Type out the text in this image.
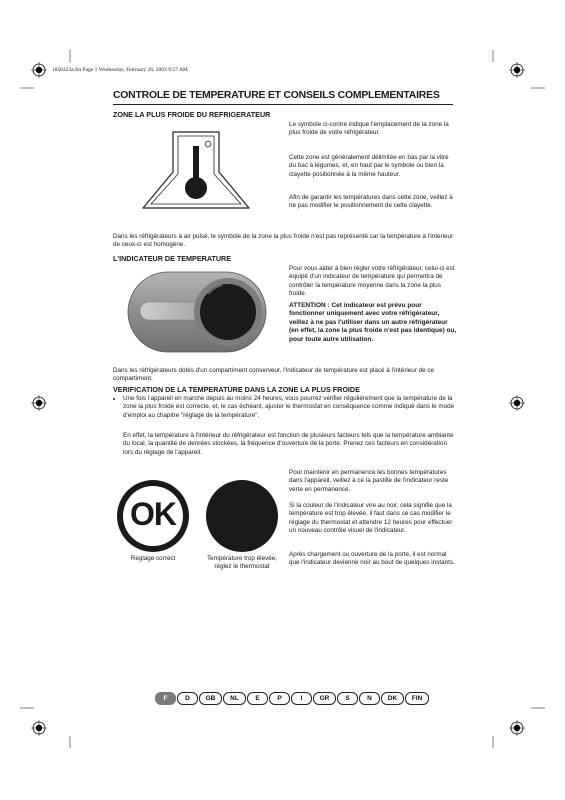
1850423a.fm Page 1 Wednesday, February 26, 2003 9:57 AM
CONTROLE DE TEMPERATURE ET CONSEILS COMPLEMENTAIRES
ZONE LA PLUS FROIDE DU REFRIGERATEUR
Le symbole ci-contre indique l'emplacement de la zone la plus froide de votre réfrigérateur.
Cette zone est généralement délimitée en bas par la vitre du bac à légumes, et, en haut par le symbole ou bien la clayette positionnée à la même hauteur.
Afin de garantir les températures dans cette zone, veillez à ne pas modifier le positionnement de cette clayette.
Dans les réfrigérateurs à air pulsé, le symbole de la zone la plus froide n'est pas représenté car la température à l'interieur de ceux-ci est homogène.
L'INDICATEUR DE TEMPERATURE
Pour vous aider à bien régler votre réfrigérateur, celui-ci est équipé d'un indicateur de température qui permettra de contrôler la température moyenne dans la zone la plus froide.
ATTENTION : Cet indicateur est prévu pour fonctionner uniquement avec votre réfrigérateur, veillez à ne pas l'utiliser dans un autre réfrigérateur (en effet, la zone la plus froide n'est pas identique) ou, pour toute autre utilisation.
Dans les réfrigérateurs dotés d'un compartiment conserveur, l'indicateur de température est placé à l'intérieur de ce compartiment.
VERIFICATION DE LA TEMPERATURE DANS LA ZONE LA PLUS FROIDE
• Une fois l'appareil en marche depuis au moins 24 heures, vous pourrez vérifier régulièrement que la température de la zone la plus froide est correcte, et, le cas échéant, ajuster le thermostat en conséquence comme indiqué dans le mode d'emploi au chapitre "réglage de la température".
En effet, la température à l'intérieur du réfrigérateur est fonction de plusieurs facteurs tels que la température ambiante du local, la quantité de denrées stockées, la fréquence d'ouverture de la porte. Prenez ces facteurs en considération lors du réglage de l'appareil.
OK
Reglage correct	Température trop élevée, réglez le thermostat
Pour maintenir en permanence les bonnes températures dans l'appareil, veillez à ce la pastille de l'indicateur reste verte en permanence.
Si la couleur de l'indicateur vire au noir, cela signifie que la température est trop élevée, il faut dans ce cas modifier le réglage du thermostat et attendre 12 heures pour effectuer un nouveau contrôle visuel de l'indicateur.
Après chargement ou ouverture de la porte, il est normal que l'indicateur devienne noir au bout de quelques instants.
F	D	GB	NL	E	P	I	GR	S	N	DK	FIN
